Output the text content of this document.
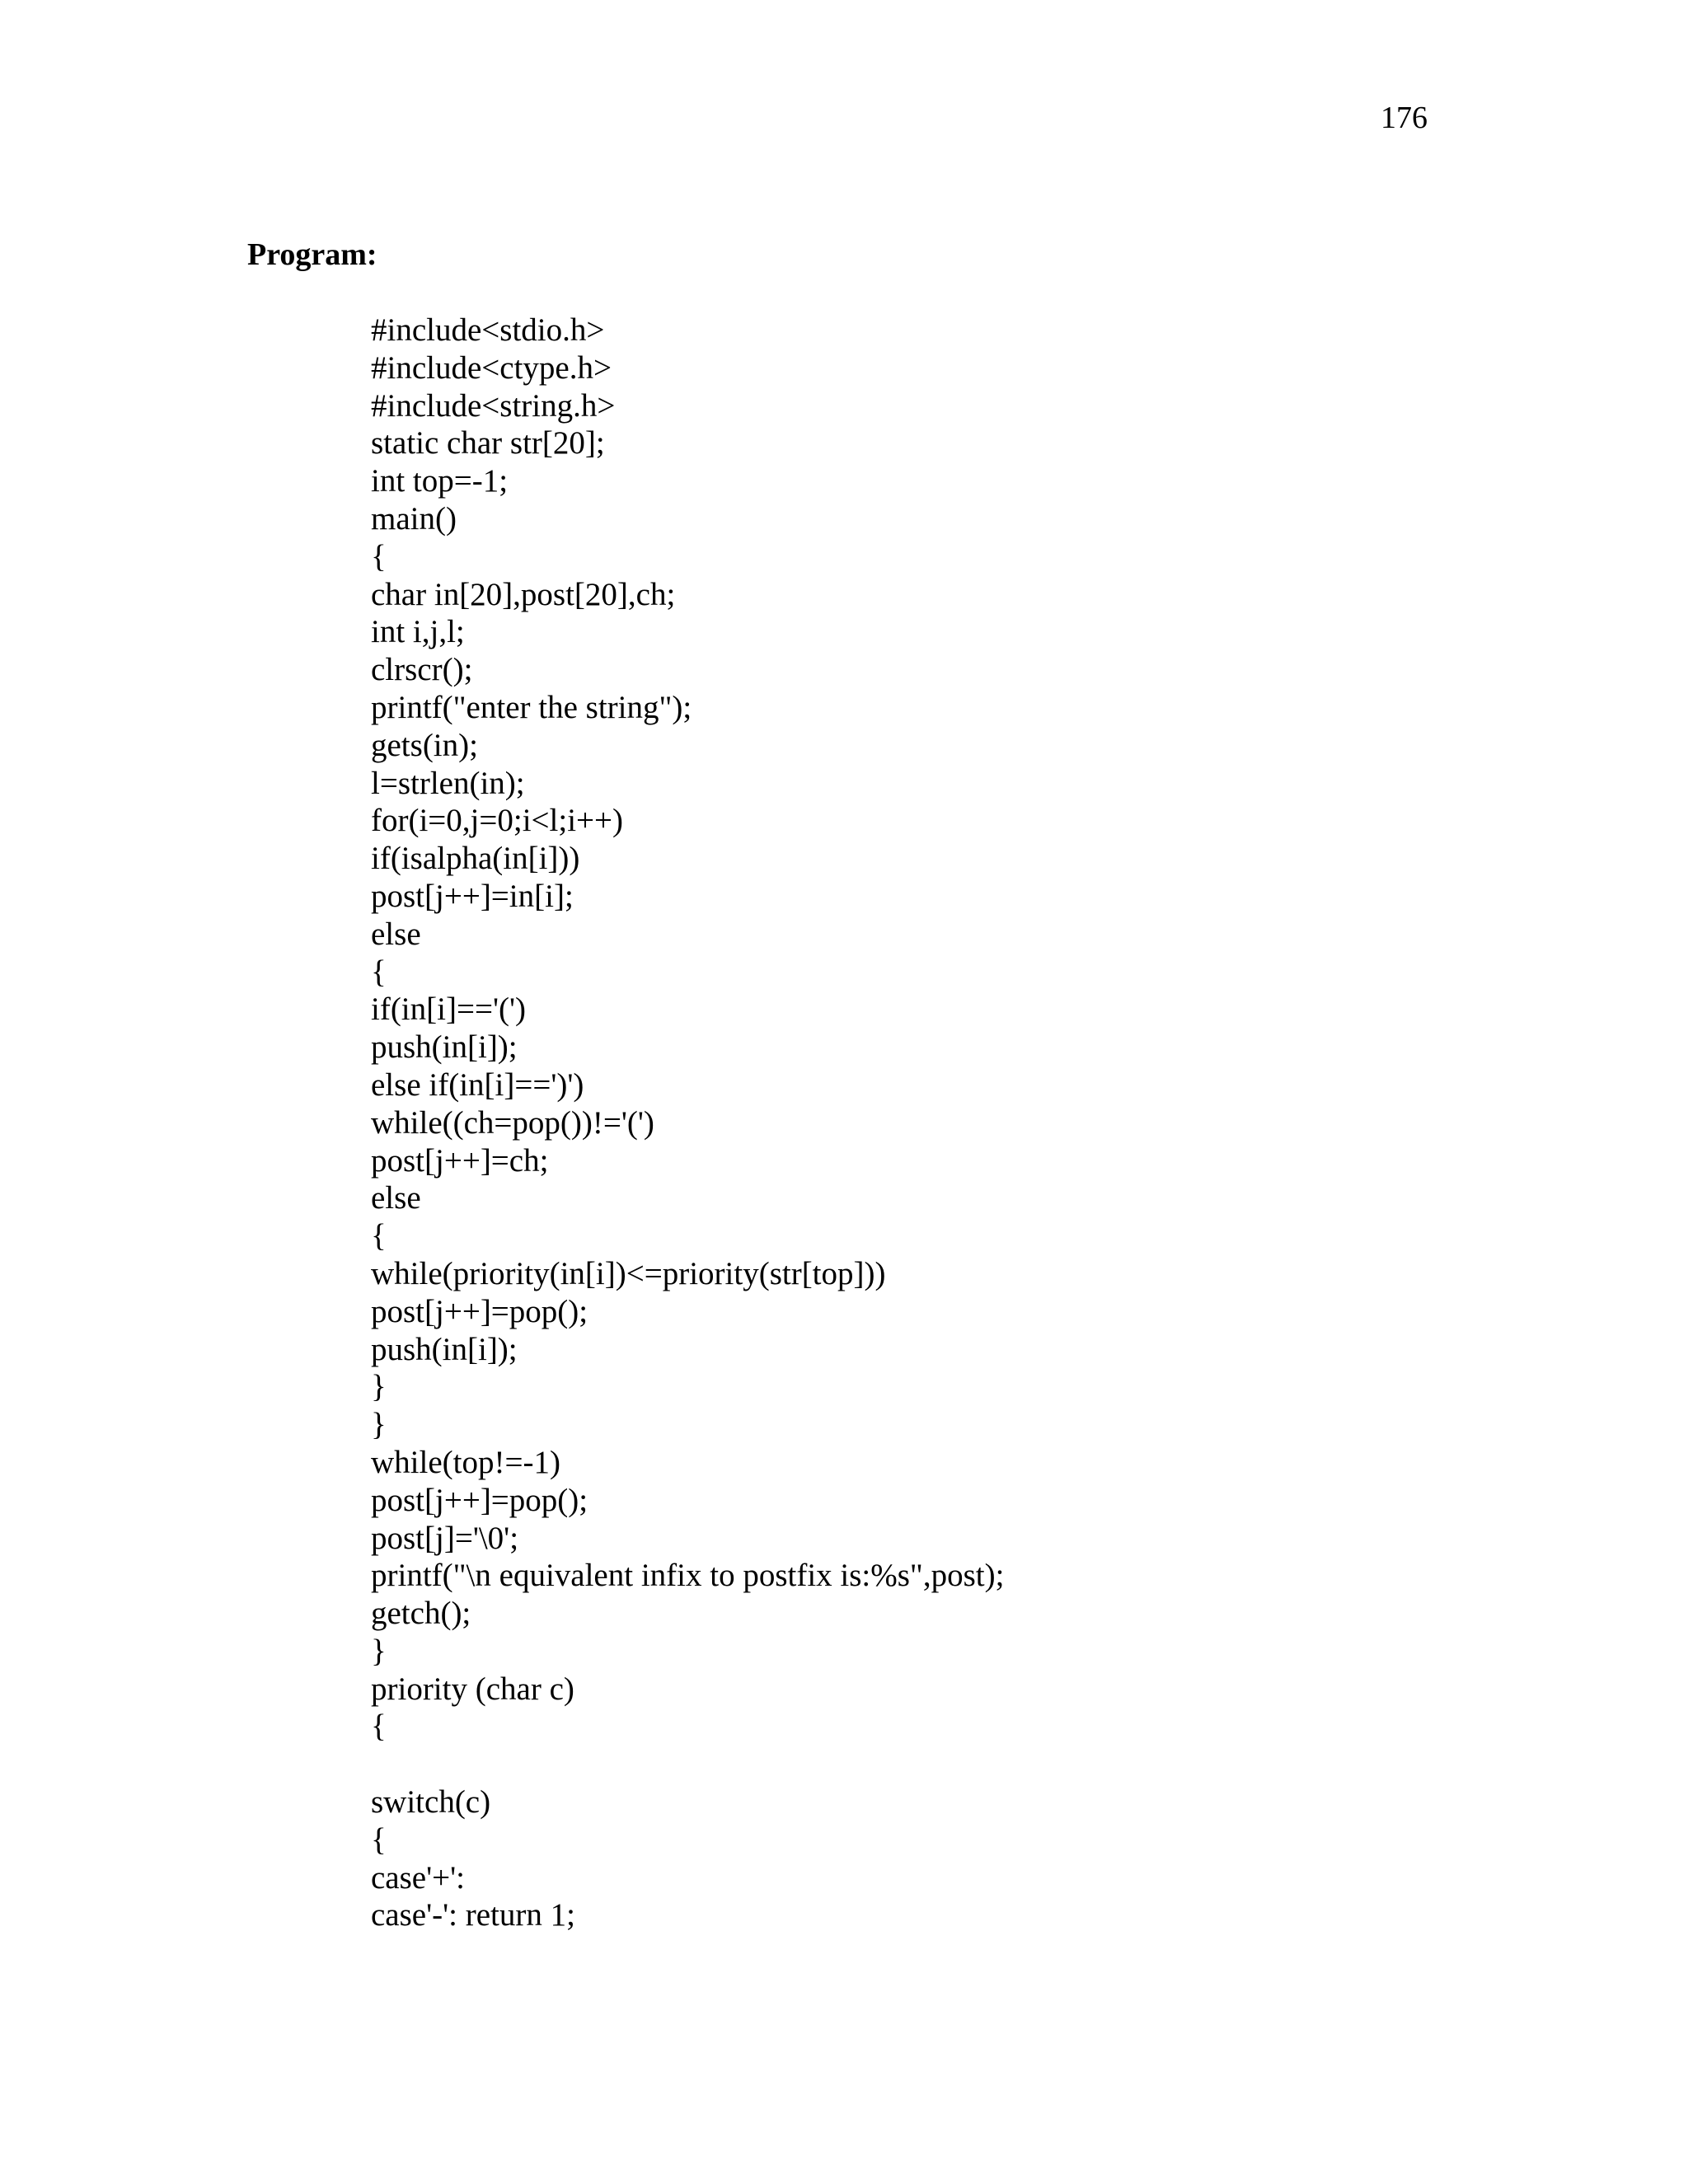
176
Program:
#include<stdio.h>
#include<ctype.h>
#include<string.h>
static char str[20];
int top=-1;
main()
{
char in[20],post[20],ch;
int i,j,l;
clrscr();
printf("enter the string");
gets(in);
l=strlen(in);
for(i=0,j=0;i<l;i++)
if(isalpha(in[i]))
post[j++]=in[i];
else
{
if(in[i]=='(')
push(in[i]);
else if(in[i]==')')
while((ch=pop())!='(')
post[j++]=ch;
else
{
while(priority(in[i])<=priority(str[top]))
post[j++]=pop();
push(in[i]);
}
}
while(top!=-1)
post[j++]=pop();
post[j]='\0';
printf("\n equivalent infix to postfix is:%s",post);
getch();
}
priority (char c)
{
switch(c)
{
case'+':
case'-': return 1;
